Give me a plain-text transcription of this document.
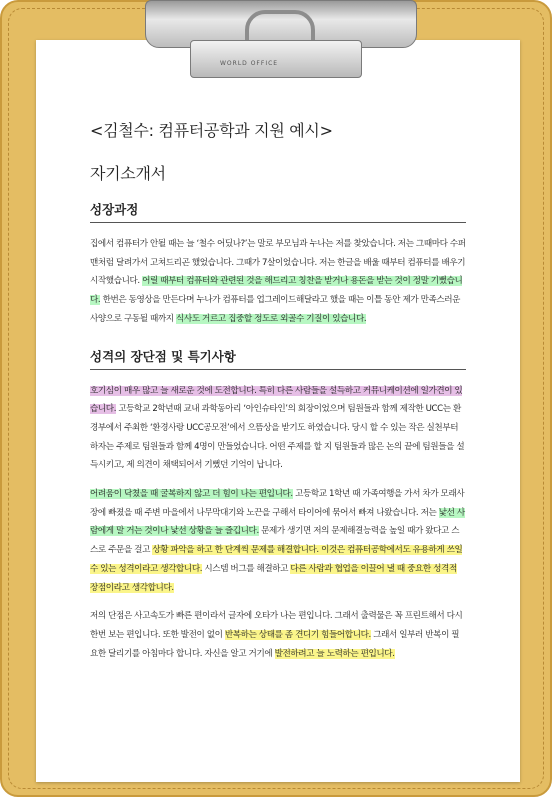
WORLD OFFICE
<김철수: 컴퓨터공학과 지원 예시>
자기소개서
성장과정
집에서 컴퓨터가 안될 때는 늘 ‘철수 어딨나?’는 말로 부모님과 누나는 저를 찾았습니다. 저는 그때마다 수퍼맨처럼 달려가서 고쳐드리곤 했었습니다. 그때가 7살이었습니다. 저는 한글을 배울 때부터 컴퓨터를 배우기 시작했습니다. 어릴 때부터 컴퓨터와 관련된 것을 해드리고 칭찬을 받거나 용돈을 받는 것이 정말 기뻤습니다. 한번은 동영상을 만든다며 누나가 컴퓨터를 업그레이드해달라고 했을 때는 이틀 동안 제가 만족스러운 사양으로 구동될 때까지 식사도 거르고 집중할 정도로 외골수 기질이 있습니다.
성격의 장단점 및 특기사항
호기심이 매우 많고 늘 새로운 것에 도전합니다. 특히 다른 사람들을 설득하고 커뮤니케이션에 일가견이 있습니다. 고등학교 2학년때 교내 과학동아리 ‘아인슈타인’의 회장이었으며 팀원들과 함께 제작한 UCC는 환경부에서 주최한 ‘환경사랑 UCC공모전’에서 으뜸상을 받기도 하였습니다. 당시 할 수 있는 작은 실천부터 하자는 주제로 팀원들과 함께 4명이 만들었습니다. 어떤 주제를 할 지 팀원들과 많은 논의 끝에 팀원들을 설득시키고, 제 의견이 채택되어서 기뻤던 기억이 납니다.
어려움이 닥쳤을 때 굴복하지 않고 더 힘이 나는 편입니다. 고등학교 1학년 때 가족여행을 가서 차가 모래사장에 빠졌을 때 주변 마을에서 나무막대기와 노끈을 구해서 타이어에 묶어서 빠져 나왔습니다. 저는 낯선 사람에게 말 거는 것이나 낯선 상황을 늘 즐깁니다. 문제가 생기면 저의 문제해결능력을 높일 때가 왔다고 스스로 주문을 걸고 상황 파악을 하고 한 단계씩 문제를 해결합니다. 이것은 컴퓨터공학에서도 유용하게 쓰일 수 있는 성격이라고 생각합니다. 시스템 버그를 해결하고 다른 사람과 협업을 이끌어 낼 때 중요한 성격적 장점이라고 생각합니다.
저의 단점은 사고속도가 빠른 편이라서 글자에 오타가 나는 편입니다. 그래서 출력물은 꼭 프린트해서 다시 한번 보는 편입니다. 또한 발전이 없이 반복하는 상태를 좀 견디기 힘들어합니다. 그래서 일부러 반복이 필요한 달리기를 아침마다 합니다. 자신을 알고 거기에 발전하려고 늘 노력하는 편입니다.
